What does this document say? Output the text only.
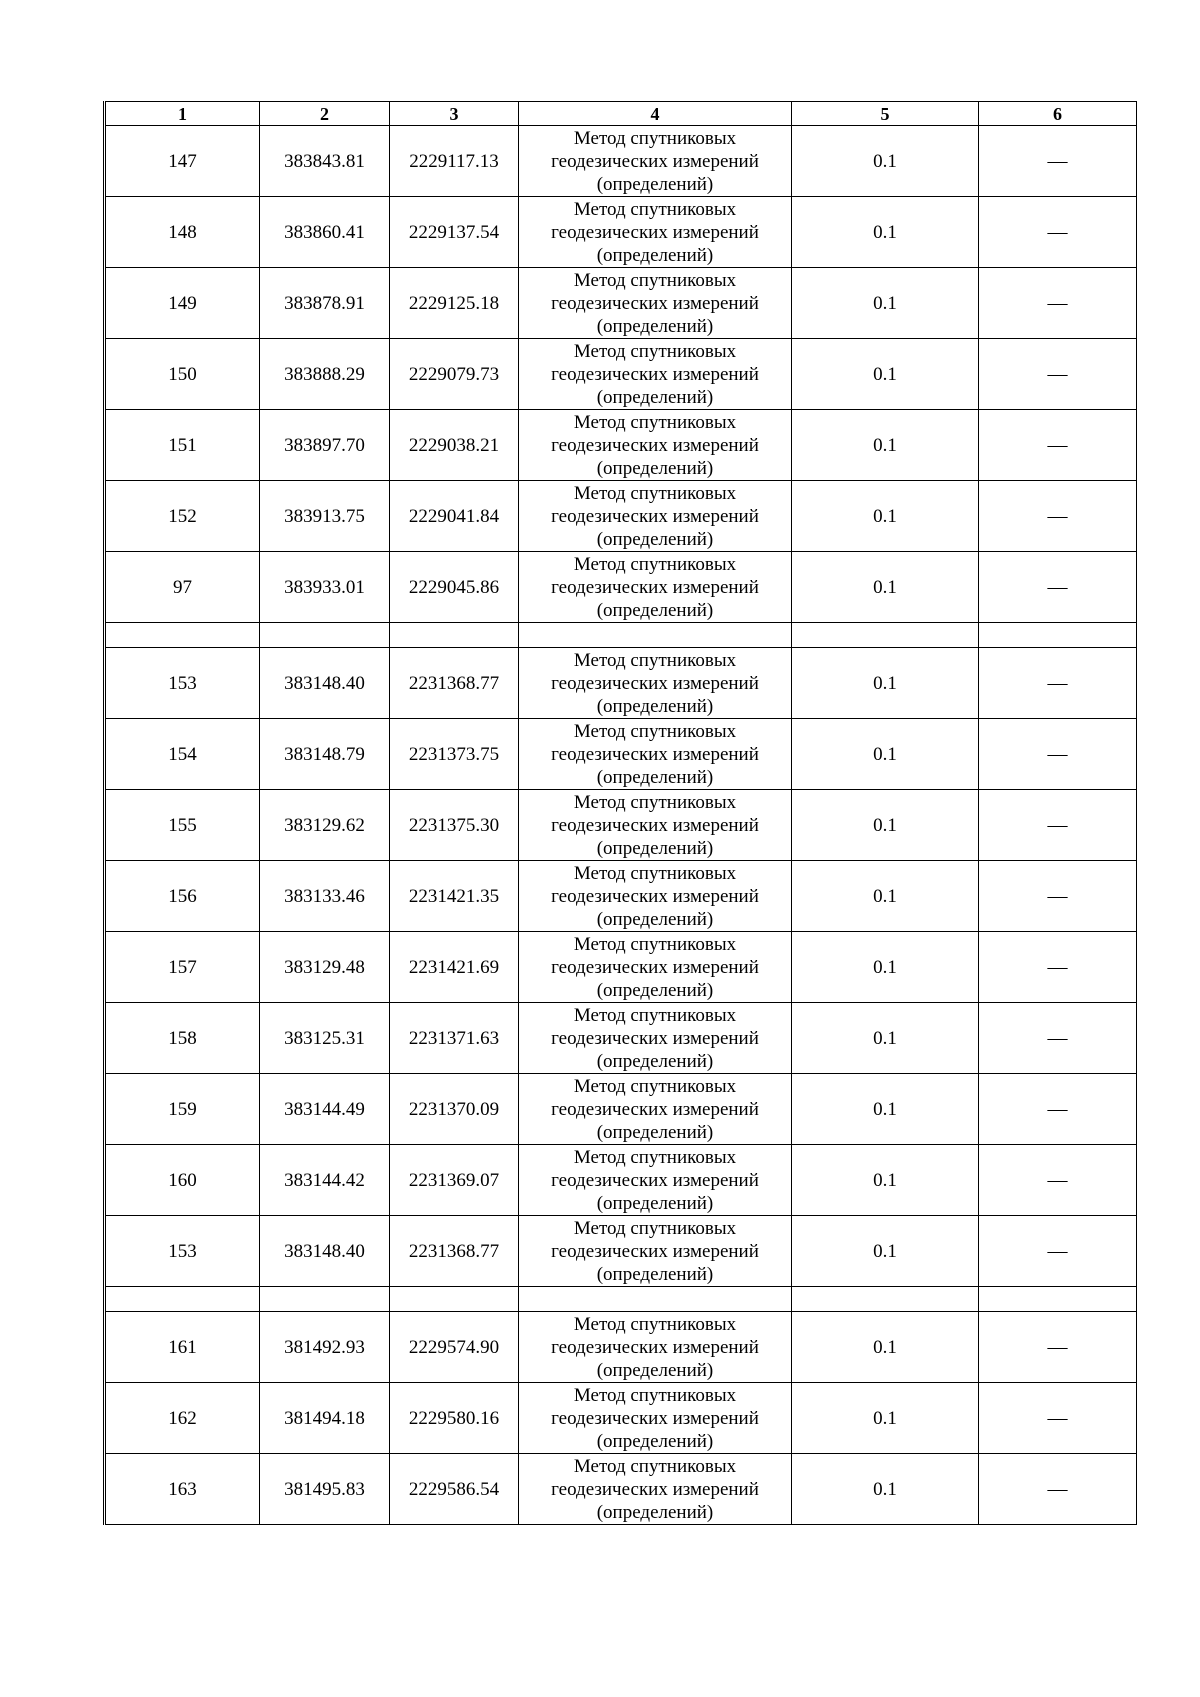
1	2	3	4	5	6
147	383843.81	2229117.13	Метод спутниковых
геодезических измерений
(определений)	0.1	—
148	383860.41	2229137.54	Метод спутниковых
геодезических измерений
(определений)	0.1	—
149	383878.91	2229125.18	Метод спутниковых
геодезических измерений
(определений)	0.1	—
150	383888.29	2229079.73	Метод спутниковых
геодезических измерений
(определений)	0.1	—
151	383897.70	2229038.21	Метод спутниковых
геодезических измерений
(определений)	0.1	—
152	383913.75	2229041.84	Метод спутниковых
геодезических измерений
(определений)	0.1	—
97	383933.01	2229045.86	Метод спутниковых
геодезических измерений
(определений)	0.1	—

153	383148.40	2231368.77	Метод спутниковых
геодезических измерений
(определений)	0.1	—
154	383148.79	2231373.75	Метод спутниковых
геодезических измерений
(определений)	0.1	—
155	383129.62	2231375.30	Метод спутниковых
геодезических измерений
(определений)	0.1	—
156	383133.46	2231421.35	Метод спутниковых
геодезических измерений
(определений)	0.1	—
157	383129.48	2231421.69	Метод спутниковых
геодезических измерений
(определений)	0.1	—
158	383125.31	2231371.63	Метод спутниковых
геодезических измерений
(определений)	0.1	—
159	383144.49	2231370.09	Метод спутниковых
геодезических измерений
(определений)	0.1	—
160	383144.42	2231369.07	Метод спутниковых
геодезических измерений
(определений)	0.1	—
153	383148.40	2231368.77	Метод спутниковых
геодезических измерений
(определений)	0.1	—

161	381492.93	2229574.90	Метод спутниковых
геодезических измерений
(определений)	0.1	—
162	381494.18	2229580.16	Метод спутниковых
геодезических измерений
(определений)	0.1	—
163	381495.83	2229586.54	Метод спутниковых
геодезических измерений
(определений)	0.1	—
